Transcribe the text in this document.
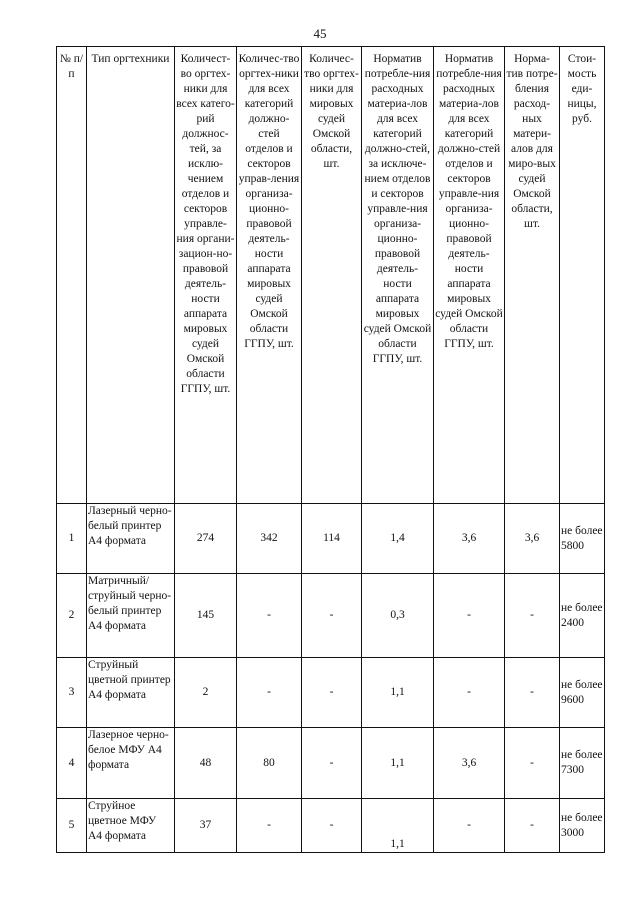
45
№ п/п	Тип оргтехники	Количест-во оргтех-ники для всех катего-рий должнос-тей, за исклю-чением отделов и секторов управле-ния органи-зацион-но-правовой деятель-ности аппарата мировых судей Омской области ГГПУ, шт.	Количес-тво оргтех-ники для всех категорий должно-стей отделов и секторов управ-ления организа-ционно-правовой деятель-ности аппарата мировых судей Омской области ГГПУ, шт.	Количес-тво оргтех-ники для мировых судей Омской области, шт.	Норматив потребле-ния расходных материа-лов для всех категорий должно-стей, за исключе-нием отделов и секторов управле-ния организа-ционно-правовой деятель-ности аппарата мировых судей Омской области ГГПУ, шт.	Норматив потребле-ния расходных материа-лов для всех категорий должно-стей отделов и секторов управле-ния организа-ционно-правовой деятель-ности аппарата мировых судей Омской области ГГПУ, шт.	Норма-тив потре-бления расход-ных матери-алов для миро-вых судей Омской области, шт.	Стои-мость еди-ницы, руб.
1	Лазерный черно-белый принтер А4 формата	274	342	114	1,4	3,6	3,6	не более 5800
2	Матричный/ струйный черно-белый принтер А4 формата	145	-	-	0,3	-	-	не более 2400
3	Струйный цветной принтер А4 формата	2	-	-	1,1	-	-	не более 9600
4	Лазерное черно-белое МФУ А4 формата	48	80	-	1,1	3,6	-	не более 7300
5	Струйное цветное МФУ А4 формата	37	-	-	1,1	-	-	не более 3000
